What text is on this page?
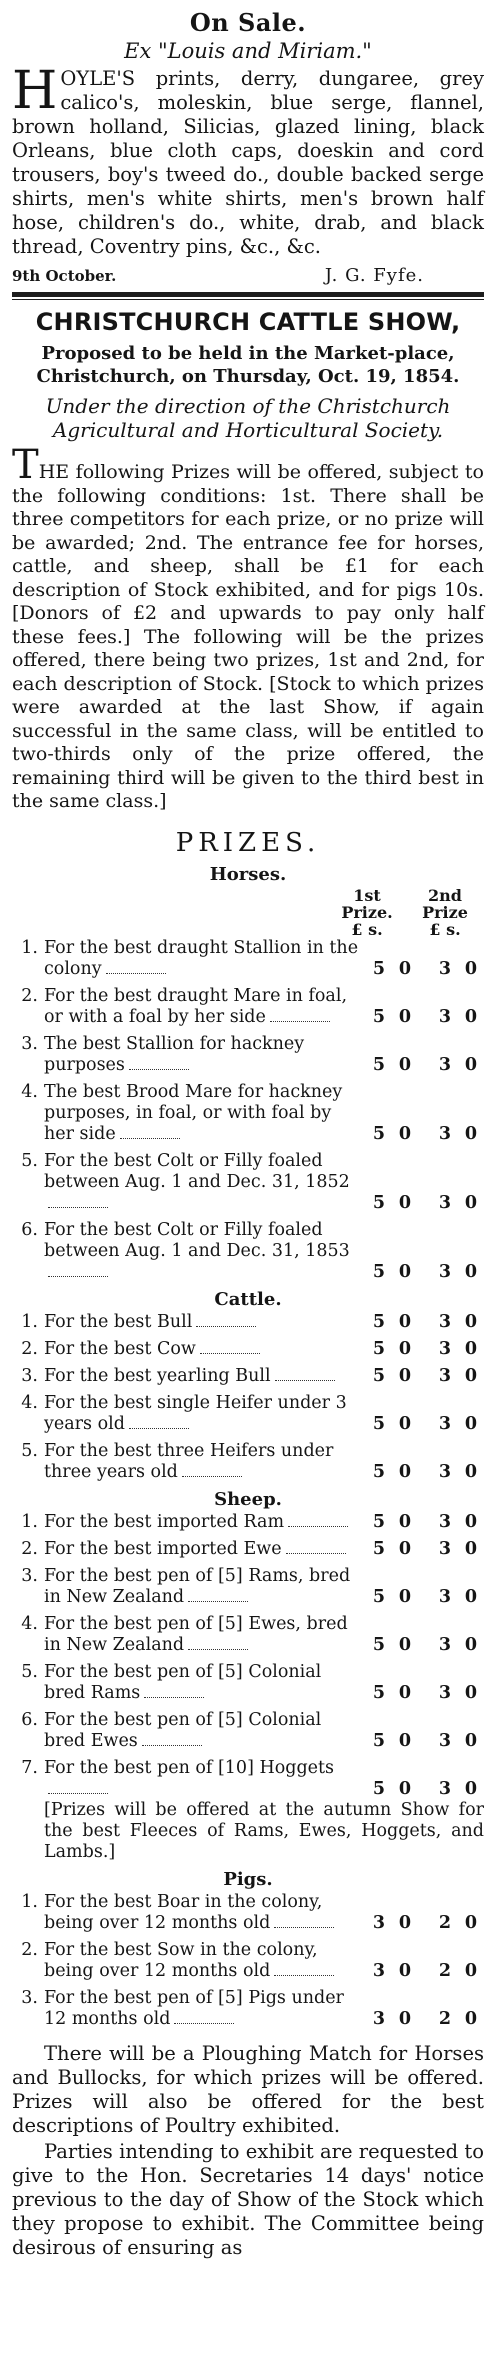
On Sale.
Ex "Louis and Miriam."

HOYLE'S prints, derry, dungaree, grey calico's, moleskin, blue serge, flannel, brown holland, Silicias, glazed lining, black Orleans, blue cloth caps, doeskin and cord trousers, boy's tweed do., double backed serge shirts, men's white shirts, men's brown half hose, children's do., white, drab, and black thread, Coventry pins, &c., &c.

9th October.	J. G. Fyfe.
CHRISTCHURCH CATTLE SHOW,
Proposed to be held in the Market-place, Christchurch, on Thursday, Oct. 19, 1854.
Under the direction of the Christchurch Agricultural and Horticultural Society.

THE following Prizes will be offered, subject to the following conditions: 1st. There shall be three competitors for each prize, or no prize will be awarded; 2nd. The entrance fee for horses, cattle, and sheep, shall be £1 for each description of Stock exhibited, and for pigs 10s. [Donors of £2 and upwards to pay only half these fees.] The following will be the prizes offered, there being two prizes, 1st and 2nd, for each description of Stock. [Stock to which prizes were awarded at the last Show, if again successful in the same class, will be entitled to two-thirds only of the prize offered, the remaining third will be given to the third best in the same class.]

PRIZES.
Horses.
1st Prize.
£ s.
2nd Prize
£ s.
1.	For the best draught Stallion in the colony	5	0		3	0

2.	For the best draught Mare in foal, or with a foal by her side	5	0		3	0

3.	The best Stallion for hackney purposes	5	0		3	0

4.	The best Brood Mare for hackney purposes, in foal, or with foal by her side	5	0		3	0

5.	For the best Colt or Filly foaled between Aug. 1 and Dec. 31, 1852	5	0		3	0

6.	For the best Colt or Filly foaled between Aug. 1 and Dec. 31, 1853	5	0		3	0
Cattle.
1.	For the best Bull	5	0		3	0

2.	For the best Cow	5	0		3	0

3.	For the best yearling Bull	5	0		3	0

4.	For the best single Heifer under 3 years old	5	0		3	0

5.	For the best three Heifers under three years old	5	0		3	0
Sheep.
1.	For the best imported Ram	5	0		3	0

2.	For the best imported Ewe	5	0		3	0

3.	For the best pen of [5] Rams, bred in New Zealand	5	0		3	0

4.	For the best pen of [5] Ewes, bred in New Zealand	5	0		3	0

5.	For the best pen of [5] Colonial bred Rams	5	0		3	0

6.	For the best pen of [5] Colonial bred Ewes	5	0		3	0

7.	For the best pen of [10] Hoggets	5	0		3	0
[Prizes will be offered at the autumn Show for the best Fleeces of Rams, Ewes, Hoggets, and Lambs.]
Pigs.
1.	For the best Boar in the colony, being over 12 months old	3	0		2	0

2.	For the best Sow in the colony, being over 12 months old	3	0		2	0

3.	For the best pen of [5] Pigs under 12 months old	3	0		2	0

There will be a Ploughing Match for Horses and Bullocks, for which prizes will be offered. Prizes will also be offered for the best descriptions of Poultry exhibited.

Parties intending to exhibit are requested to give to the Hon. Secretaries 14 days' notice previous to the day of Show of the Stock which they propose to exhibit. The Committee being desirous of ensuring as
